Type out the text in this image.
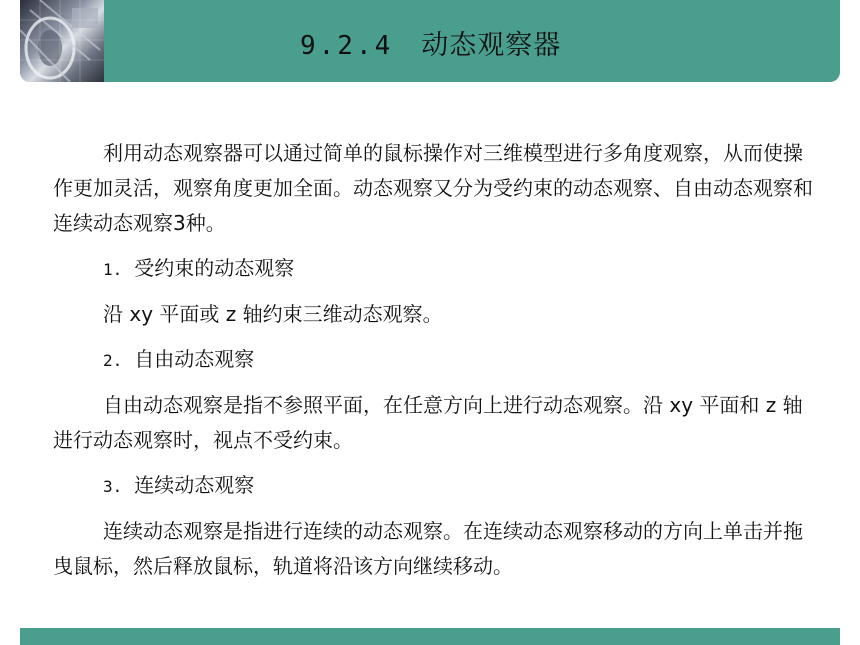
9.2.4 动态观察器

利用动态观察器可以通过简单的鼠标操作对三维模型进行多角度观察，从而使操作更加灵活，观察角度更加全面。动态观察又分为受约束的动态观察、自由动态观察和连续动态观察3种。

1. 受约束的动态观察

沿 xy 平面或 z 轴约束三维动态观察。

2. 自由动态观察

自由动态观察是指不参照平面，在任意方向上进行动态观察。沿 xy 平面和 z 轴进行动态观察时，视点不受约束。

3. 连续动态观察

连续动态观察是指进行连续的动态观察。在连续动态观察移动的方向上单击并拖曳鼠标，然后释放鼠标，轨道将沿该方向继续移动。
